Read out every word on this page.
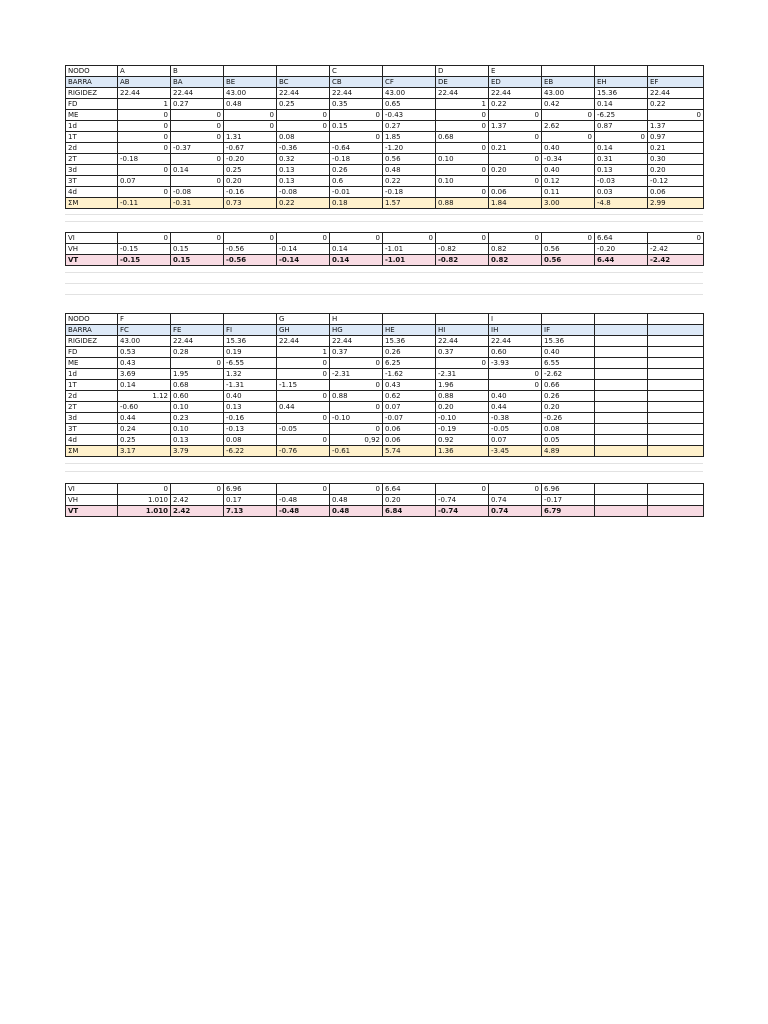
NODO	A	B			C		D	E			
BARRA	AB	BA	BE	BC	CB	CF	DE	ED	EB	EH	EF
RIGIDEZ	22.44	22.44	43.00	22.44	22.44	43.00	22.44	22.44	43.00	15.36	22.44
FD	1	0.27	0.48	0.25	0.35	0.65	1	0.22	0.42	0.14	0.22
ME	0	0	0	0	0	-0.43	0	0	0	-6.25	0
1d	0	0	0	0	0.15	0.27	0	1.37	2.62	0.87	1.37
1T	0	0	1.31	0.08	0	1.85	0.68	0	0	0	0.97
2d	0	-0.37	-0.67	-0.36	-0.64	-1.20	0	0.21	0.40	0.14	0.21
2T	-0.18	0	-0.20	0.32	-0.18	0.56	0.10	0	-0.34	0.31	0.30
3d	0	0.14	0.25	0.13	0.26	0.48	0	0.20	0.40	0.13	0.20
3T	0.07	0	0.20	0.13	0.6	0.22	0.10	0	0.12	-0.03	-0.12
4d	0	-0.08	-0.16	-0.08	-0.01	-0.18	0	0.06	0.11	0.03	0.06
ΣM	-0.11	-0.31	0.73	0.22	0.18	1.57	0.88	1.84	3.00	-4.8	2.99
VI	0	0	0	0	0	0	0	0	0	6.64	0
VH	-0.15	0.15	-0.56	-0.14	0.14	-1.01	-0.82	0.82	0.56	-0.20	-2.42
VT	-0.15	0.15	-0.56	-0.14	0.14	-1.01	-0.82	0.82	0.56	6.44	-2.42
NODO	F			G	H			I			
BARRA	FC	FE	FI	GH	HG	HE	HI	IH	IF		
RIGIDEZ	43.00	22.44	15.36	22.44	22.44	15.36	22.44	22.44	15.36		
FD	0.53	0.28	0.19	1	0.37	0.26	0.37	0.60	0.40		
ME	0.43	0	-6.55	0	0	6.25	0	-3.93	6.55		
1d	3.69	1.95	1.32	0	-2.31	-1.62	-2.31	0	-2.62		
1T	0.14	0.68	-1.31	-1.15	0	0.43	1.96	0	0.66		
2d	1.12	0.60	0.40	0	0.88	0.62	0.88	0.40	0.26		
2T	-0.60	0.10	0.13	0.44	0	0.07	0.20	0.44	0.20		
3d	0.44	0.23	-0.16	0	-0.10	-0.07	-0.10	-0.38	-0.26		
3T	0.24	0.10	-0.13	-0.05	0	0.06	-0.19	-0.05	0.08		
4d	0.25	0.13	0.08	0	0,92	0.06	0.92	0.07	0.05		
ΣM	3.17	3.79	-6.22	-0.76	-0.61	5.74	1.36	-3.45	4.89		
VI	0	0	6.96	0	0	6.64	0	0	6.96		
VH	1.010	2.42	0.17	-0.48	0.48	0.20	-0.74	0.74	-0.17		
VT	1.010	2.42	7.13	-0.48	0.48	6.84	-0.74	0.74	6.79		
